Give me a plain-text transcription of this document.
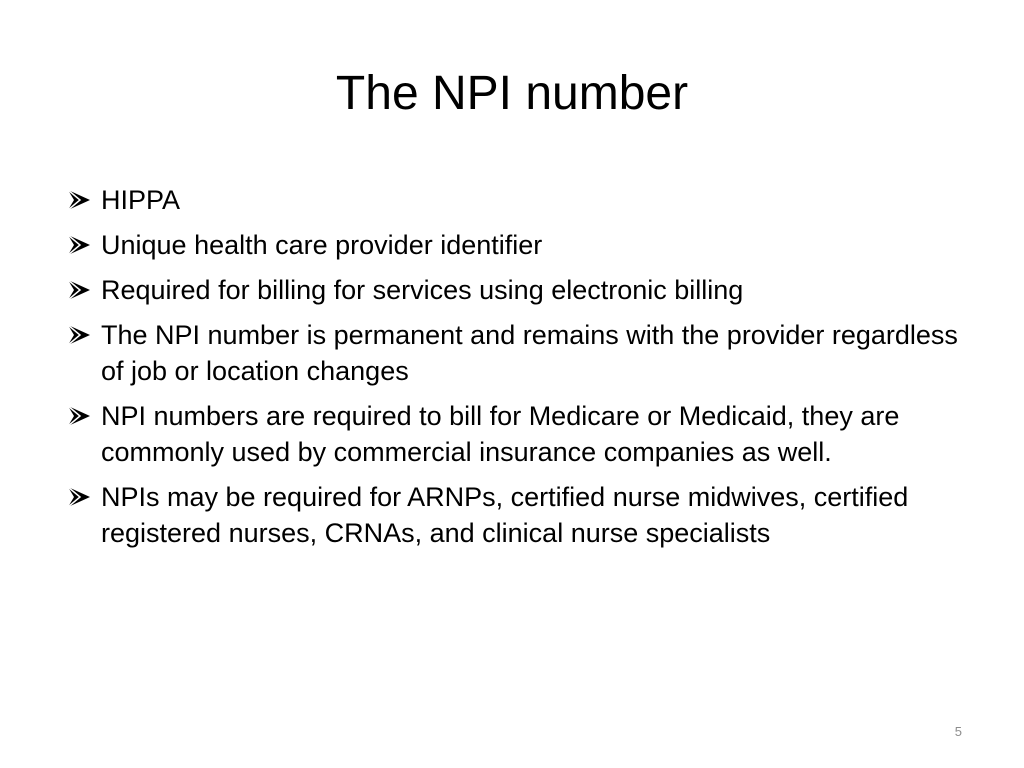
The NPI number
HIPPA
Unique health care provider identifier
Required for billing for services using electronic billing
The NPI number is permanent and remains with the provider regardless of job or location changes
NPI numbers are required to bill for Medicare or Medicaid, they are commonly used by commercial insurance companies as well.
NPIs may be required for ARNPs, certified nurse midwives, certified registered nurses, CRNAs, and clinical nurse specialists
5
